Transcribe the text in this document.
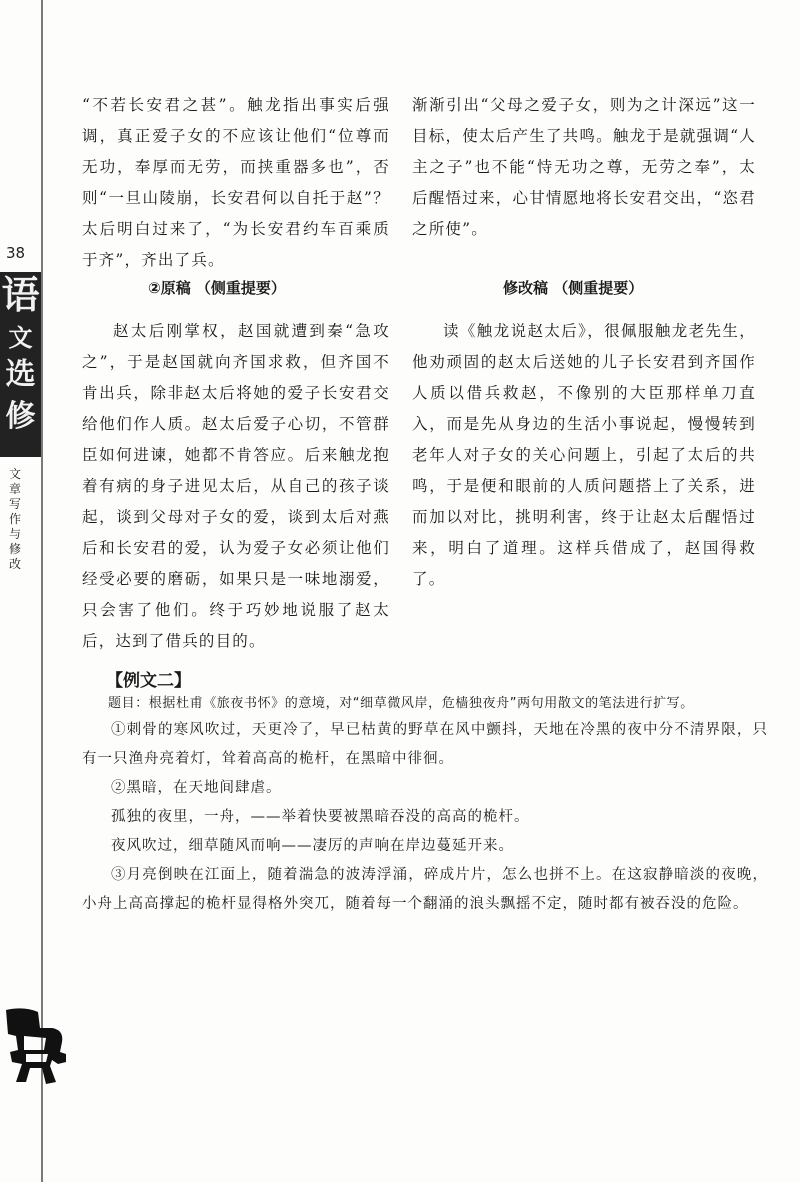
38
语
文
选
修
文章写作与修改

“不若长安君之甚”。触龙指出事实后强调，真正爱子女的不应该让他们“位尊而无功，奉厚而无劳，而挟重器多也”，否则“一旦山陵崩，长安君何以自托于赵”？太后明白过来了，“为长安君约车百乘质于齐”，齐出了兵。

渐渐引出“父母之爱子女，则为之计深远”这一目标，使太后产生了共鸣。触龙于是就强调“人主之子”也不能“恃无功之尊，无劳之奉”，太后醒悟过来，心甘情愿地将长安君交出，“恣君之所使”。

②原稿 （侧重提要）	修改稿 （侧重提要）

赵太后刚掌权，赵国就遭到秦“急攻之”，于是赵国就向齐国求救，但齐国不肯出兵，除非赵太后将她的爱子长安君交给他们作人质。赵太后爱子心切，不管群臣如何进谏，她都不肯答应。后来触龙抱着有病的身子进见太后，从自己的孩子谈起，谈到父母对子女的爱，谈到太后对燕后和长安君的爱，认为爱子女必须让他们经受必要的磨砺，如果只是一味地溺爱，只会害了他们。终于巧妙地说服了赵太后，达到了借兵的目的。

读《触龙说赵太后》，很佩服触龙老先生，他劝顽固的赵太后送她的儿子长安君到齐国作人质以借兵救赵，不像别的大臣那样单刀直入，而是先从身边的生活小事说起，慢慢转到老年人对子女的关心问题上，引起了太后的共鸣，于是便和眼前的人质问题搭上了关系，进而加以对比，挑明利害，终于让赵太后醒悟过来，明白了道理。这样兵借成了，赵国得救了。

【例文二】

题目：根据杜甫《旅夜书怀》的意境，对“细草微风岸，危樯独夜舟”两句用散文的笔法进行扩写。

①刺骨的寒风吹过，天更冷了，早已枯黄的野草在风中颤抖，天地在冷黑的夜中分不清界限，只有一只渔舟亮着灯，耸着高高的桅杆，在黑暗中徘徊。

②黑暗，在天地间肆虐。

孤独的夜里，一舟，——举着快要被黑暗吞没的高高的桅杆。

夜风吹过，细草随风而响——凄厉的声响在岸边蔓延开来。

③月亮倒映在江面上，随着湍急的波涛浮涌，碎成片片，怎么也拼不上。在这寂静暗淡的夜晚，小舟上高高撑起的桅杆显得格外突兀，随着每一个翻涌的浪头飘摇不定，随时都有被吞没的危险。
